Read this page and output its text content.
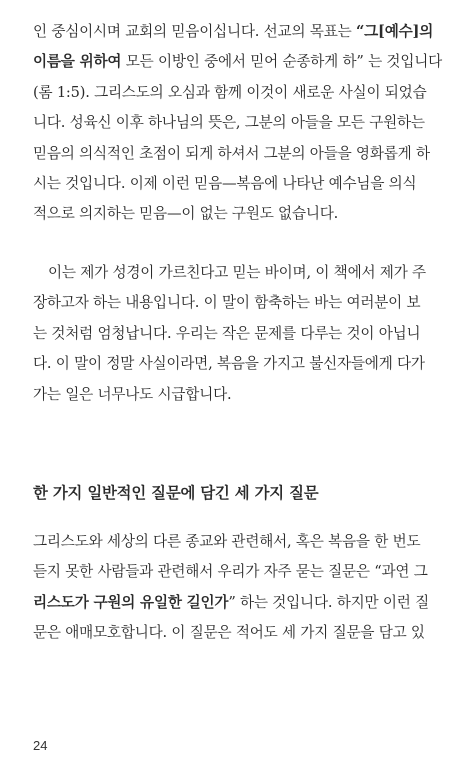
인 중심이시며 교회의 믿음이십니다. 선교의 목표는 “그[예수]의
이름을 위하여 모든 이방인 중에서 믿어 순종하게 하” 는 것입니다
(롬 1:5). 그리스도의 오심과 함께 이것이 새로운 사실이 되었습
니다. 성육신 이후 하나님의 뜻은, 그분의 아들을 모든 구원하는
믿음의 의식적인 초점이 되게 하셔서 그분의 아들을 영화롭게 하
시는 것입니다. 이제 이런 믿음—복음에 나타난 예수님을 의식
적으로 의지하는 믿음—이 없는 구원도 없습니다.
이는 제가 성경이 가르친다고 믿는 바이며, 이 책에서 제가 주
장하고자 하는 내용입니다. 이 말이 함축하는 바는 여러분이 보
는 것처럼 엄청납니다. 우리는 작은 문제를 다루는 것이 아닙니
다. 이 말이 정말 사실이라면, 복음을 가지고 불신자들에게 다가
가는 일은 너무나도 시급합니다.
한 가지 일반적인 질문에 담긴 세 가지 질문
그리스도와 세상의 다른 종교와 관련해서, 혹은 복음을 한 번도
듣지 못한 사람들과 관련해서 우리가 자주 묻는 질문은 “과연 그
리스도가 구원의 유일한 길인가” 하는 것입니다. 하지만 이런 질
문은 애매모호합니다. 이 질문은 적어도 세 가지 질문을 담고 있
24
